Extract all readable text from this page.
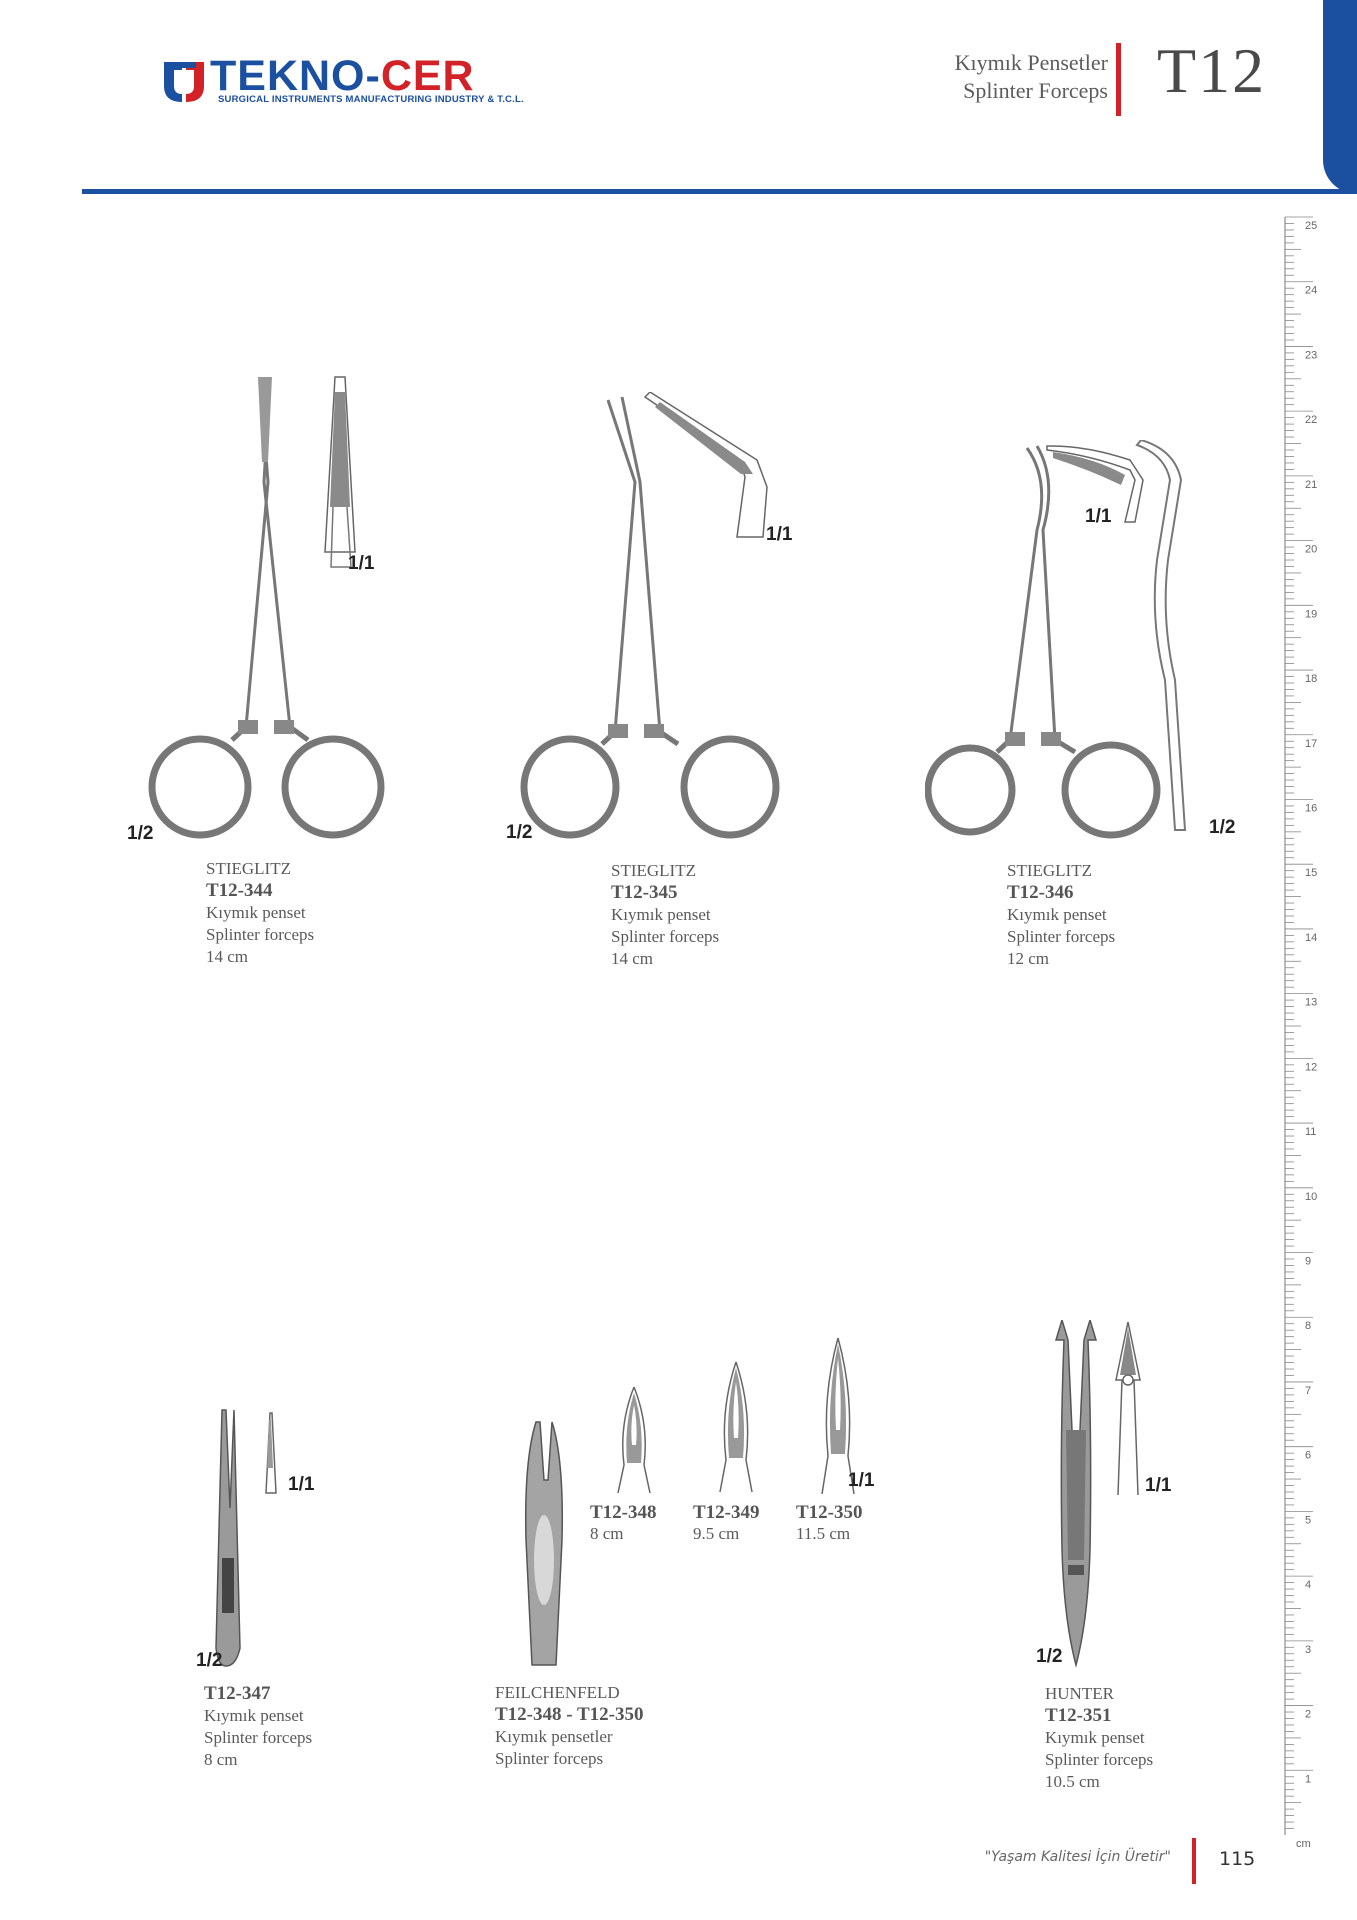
TEKNO-CER
SURGICAL INSTRUMENTS MANUFACTURING INDUSTRY & T.C.L.
Kıymık Pensetler
Splinter Forceps T12
25
24
23
22
21
20
19
18
17
16
15
14
13
12
11
10
9
8
7
6
5
4
3
2
1
cm
1/1
1/2
STIEGLITZ
T12-344
Kıymık penset
Splinter forceps
14 cm
1/1
1/2
STIEGLITZ
T12-345
Kıymık penset
Splinter forceps
14 cm
1/1
1/2
STIEGLITZ
T12-346
Kıymık penset
Splinter forceps
12 cm
1/1
1/2
T12-347
Kıymık penset
Splinter forceps
8 cm
1/1
T12-348
8 cm
T12-349
9.5 cm
T12-350
11.5 cm
FEILCHENFELD
T12-348 - T12-350
Kıymık pensetler
Splinter forceps
1/1
1/2
HUNTER
T12-351
Kıymık penset
Splinter forceps
10.5 cm
"Yaşam Kalitesi İçin Üretir"	115
